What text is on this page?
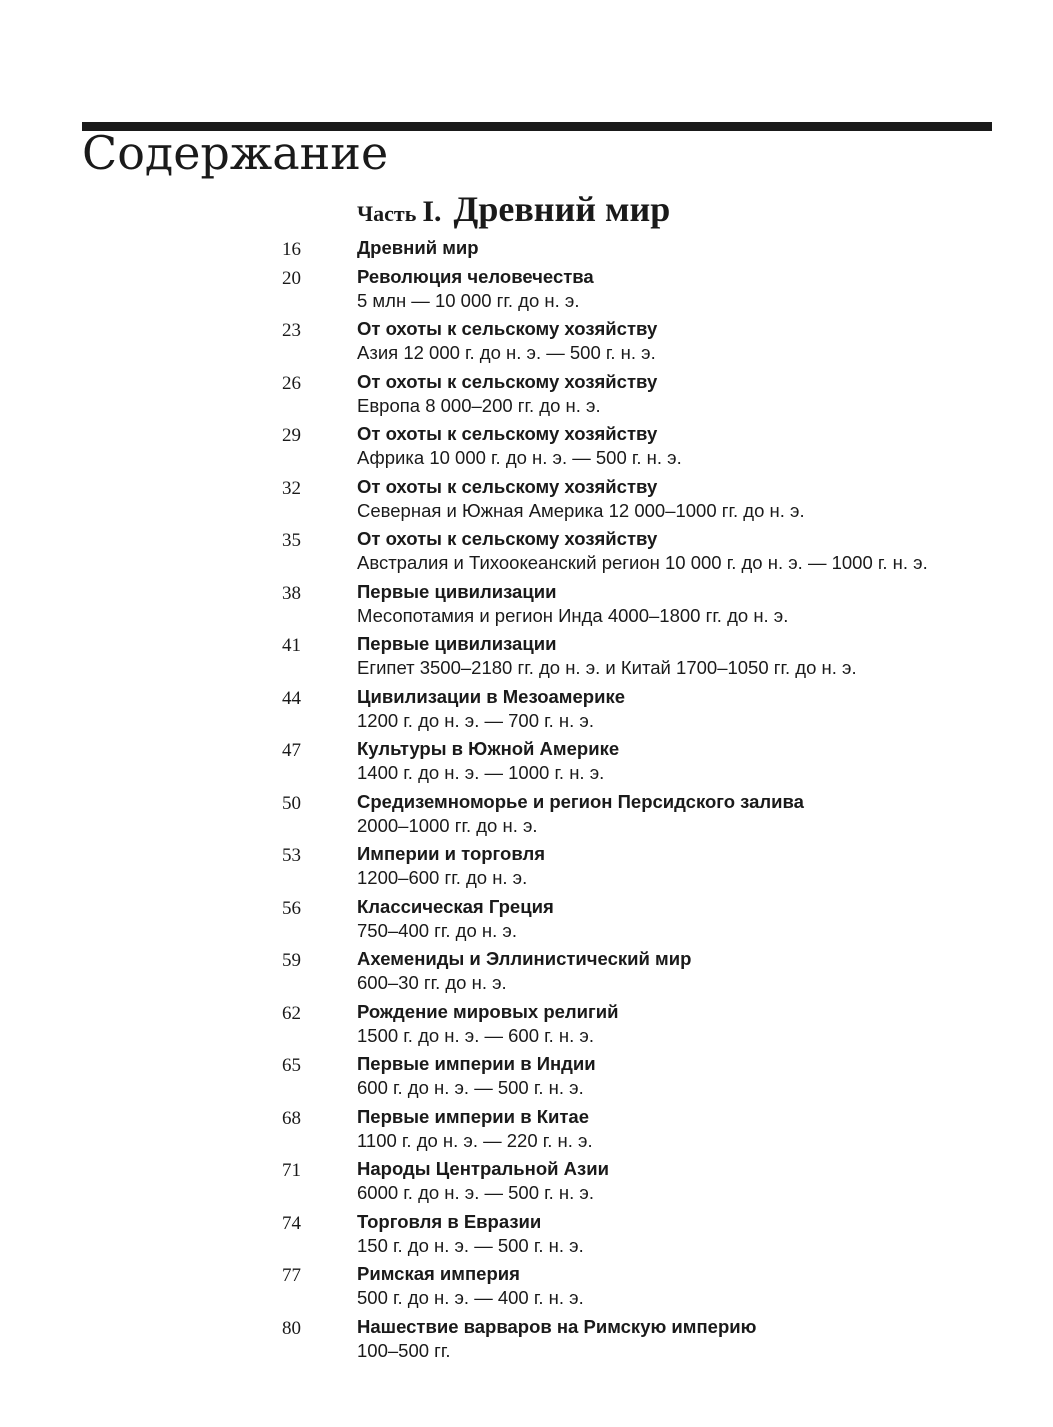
Содержание
Часть I. Древний мир
16	Древний мир
20	Революция человечества
5 млн — 10 000 гг. до н. э.
23	От охоты к сельскому хозяйству
Азия 12 000 г. до н. э. — 500 г. н. э.
26	От охоты к сельскому хозяйству
Европа 8 000–200 гг. до н. э.
29	От охоты к сельскому хозяйству
Африка 10 000 г. до н. э. — 500 г. н. э.
32	От охоты к сельскому хозяйству
Северная и Южная Америка 12 000–1000 гг. до н. э.
35	От охоты к сельскому хозяйству
Австралия и Тихоокеанский регион 10 000 г. до н. э. — 1000 г. н. э.
38	Первые цивилизации
Месопотамия и регион Инда 4000–1800 гг. до н. э.
41	Первые цивилизации
Египет 3500–2180 гг. до н. э. и Китай 1700–1050 гг. до н. э.
44	Цивилизации в Мезоамерике
1200 г. до н. э. — 700 г. н. э.
47	Культуры в Южной Америке
1400 г. до н. э. — 1000 г. н. э.
50	Средиземноморье и регион Персидского залива
2000–1000 гг. до н. э.
53	Империи и торговля
1200–600 гг. до н. э.
56	Классическая Греция
750–400 гг. до н. э.
59	Ахемениды и Эллинистический мир
600–30 гг. до н. э.
62	Рождение мировых религий
1500 г. до н. э. — 600 г. н. э.
65	Первые империи в Индии
600 г. до н. э. — 500 г. н. э.
68	Первые империи в Китае
1100 г. до н. э. — 220 г. н. э.
71	Народы Центральной Азии
6000 г. до н. э. — 500 г. н. э.
74	Торговля в Евразии
150 г. до н. э. — 500 г. н. э.
77	Римская империя
500 г. до н. э. — 400 г. н. э.
80	Нашествие варваров на Римскую империю
100–500 гг.
